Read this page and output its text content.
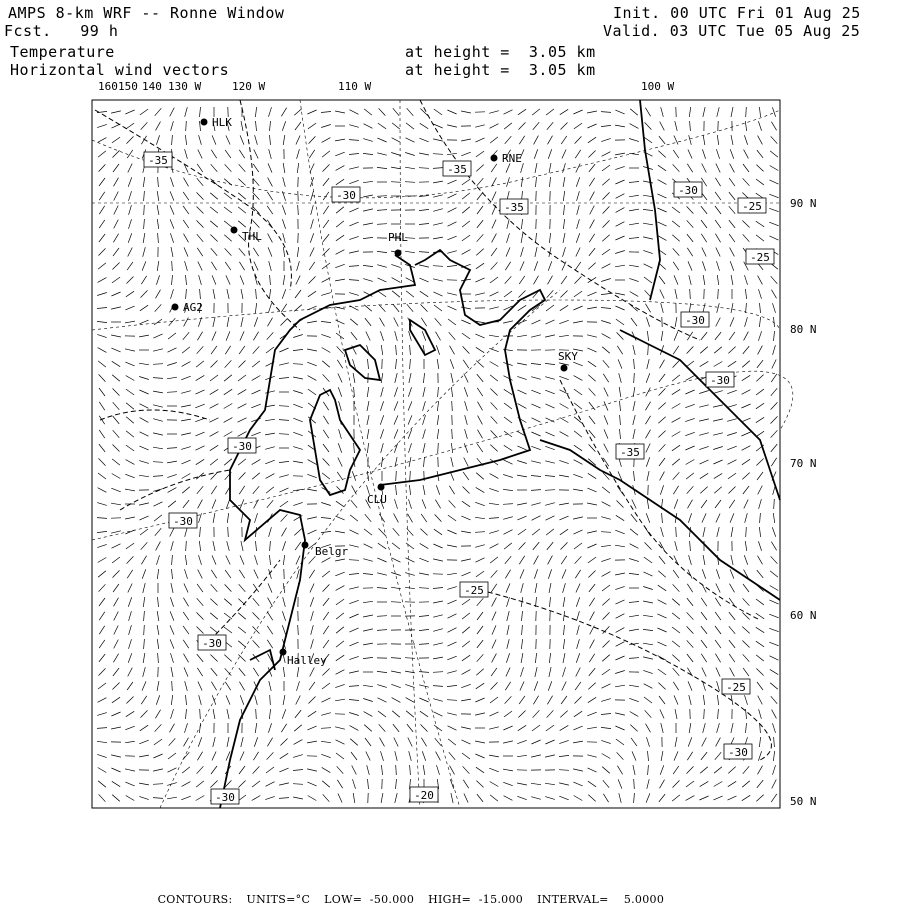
HLK
RNE
THL	PHL
AG2
SKY
CLU
Belgr
Halley
-35
-35
-30
-35
-30
-25
-25
-30
-30
-30	-35
-30
-30
-25
-30
-25
-30	-20
160 150 140 130 W	120 W	110 W	100 W
90 N
80 N
70 N
60 N
50 N
AMPS 8-km WRF -- Ronne Window
Fcst.   99 h
Temperature
Horizontal wind vectors
at height =  3.05 km
at height =  3.05 km
Init. 00 UTC Fri 01 Aug 25
Valid. 03 UTC Tue 05 Aug 25

CONTOURS: UNITS=°C LOW=  -50.000 HIGH=  -15.000 INTERVAL=    5.0000
